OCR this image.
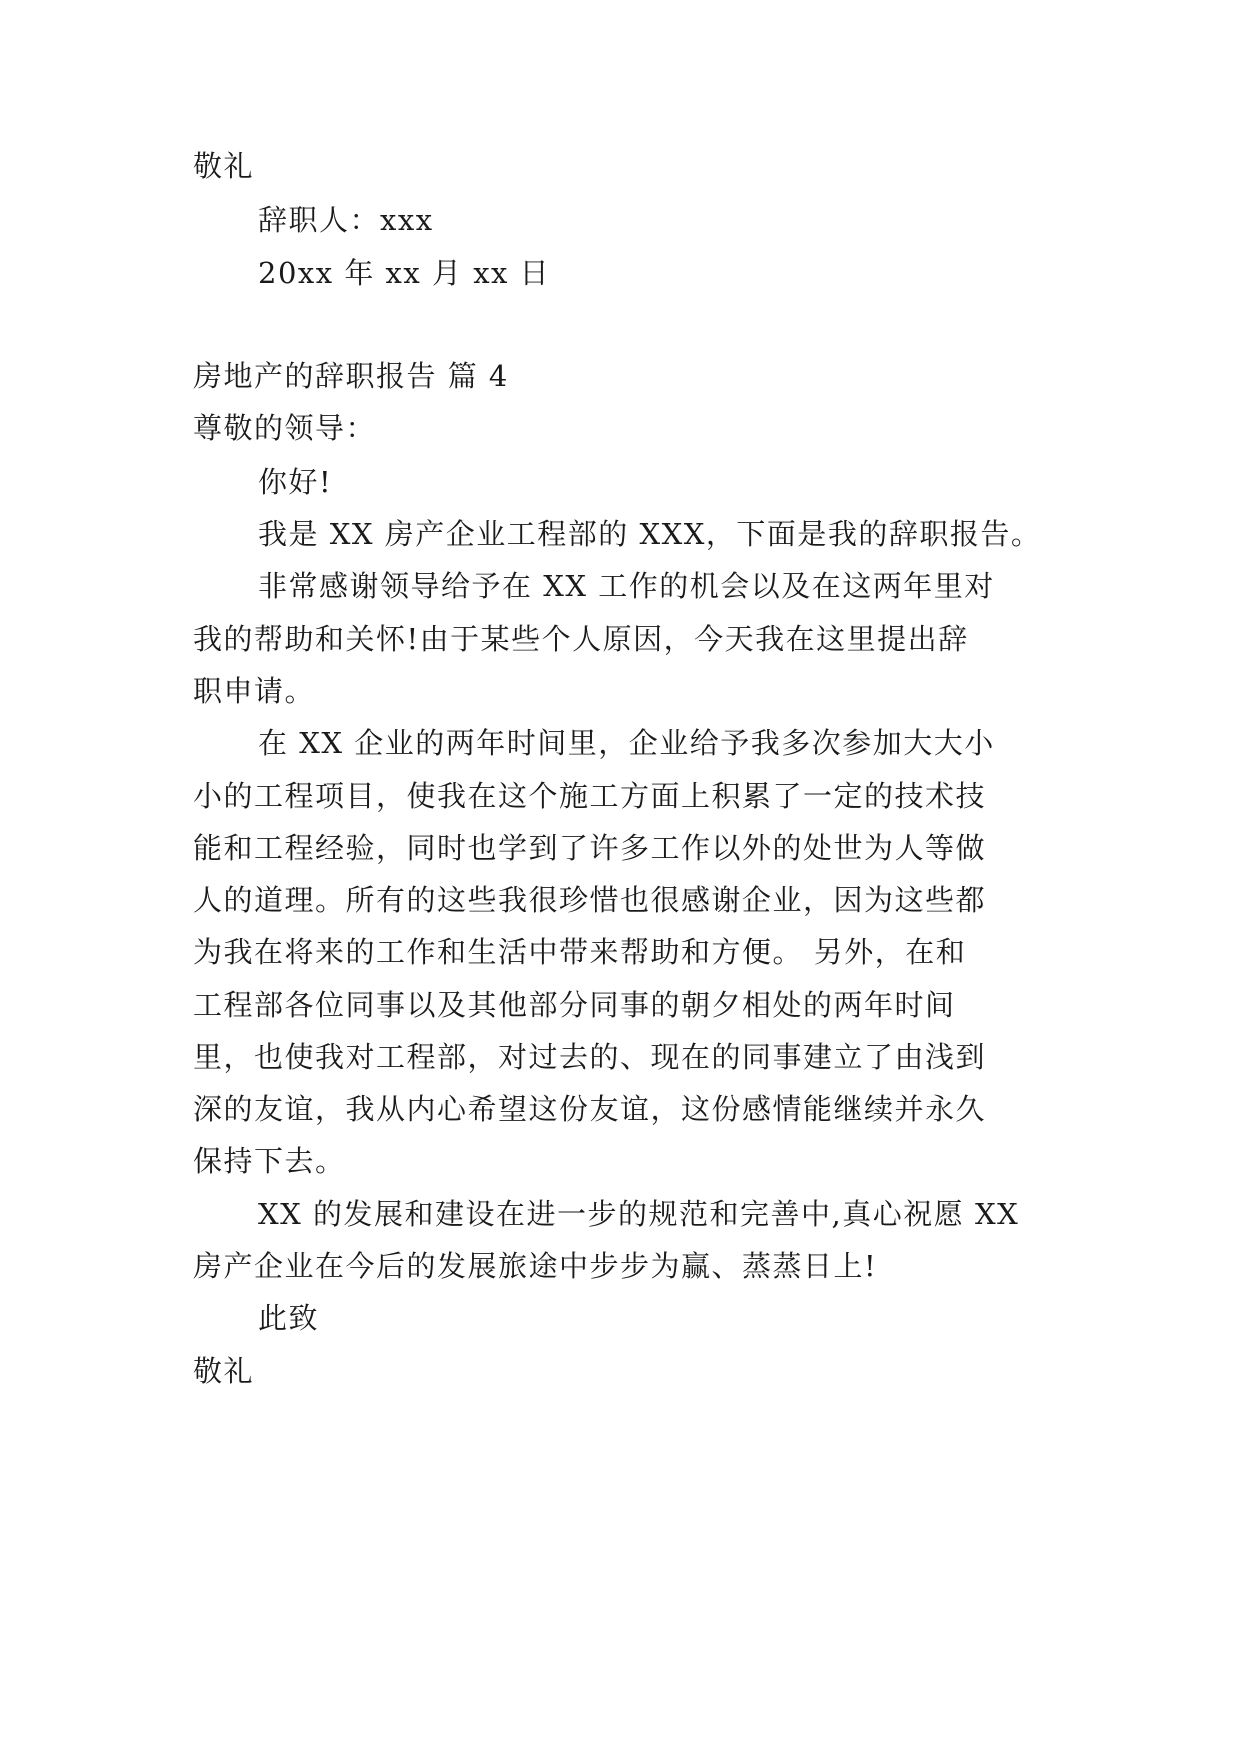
敬礼
辞职人：xxx
20xx 年 xx 月 xx 日
房地产的辞职报告 篇 4
尊敬的领导：
你好!
我是 XX 房产企业工程部的 XXX，下面是我的辞职报告。
非常感谢领导给予在 XX 工作的机会以及在这两年里对
我的帮助和关怀!由于某些个人原因，今天我在这里提出辞
职申请。
在 XX 企业的两年时间里，企业给予我多次参加大大小
小的工程项目，使我在这个施工方面上积累了一定的技术技
能和工程经验，同时也学到了许多工作以外的处世为人等做
人的道理。所有的这些我很珍惜也很感谢企业，因为这些都
为我在将来的工作和生活中带来帮助和方便。 另外，在和
工程部各位同事以及其他部分同事的朝夕相处的两年时间
里，也使我对工程部，对过去的、现在的同事建立了由浅到
深的友谊，我从内心希望这份友谊，这份感情能继续并永久
保持下去。
XX 的发展和建设在进一步的规范和完善中,真心祝愿 XX
房产企业在今后的发展旅途中步步为赢、蒸蒸日上!
此致
敬礼
